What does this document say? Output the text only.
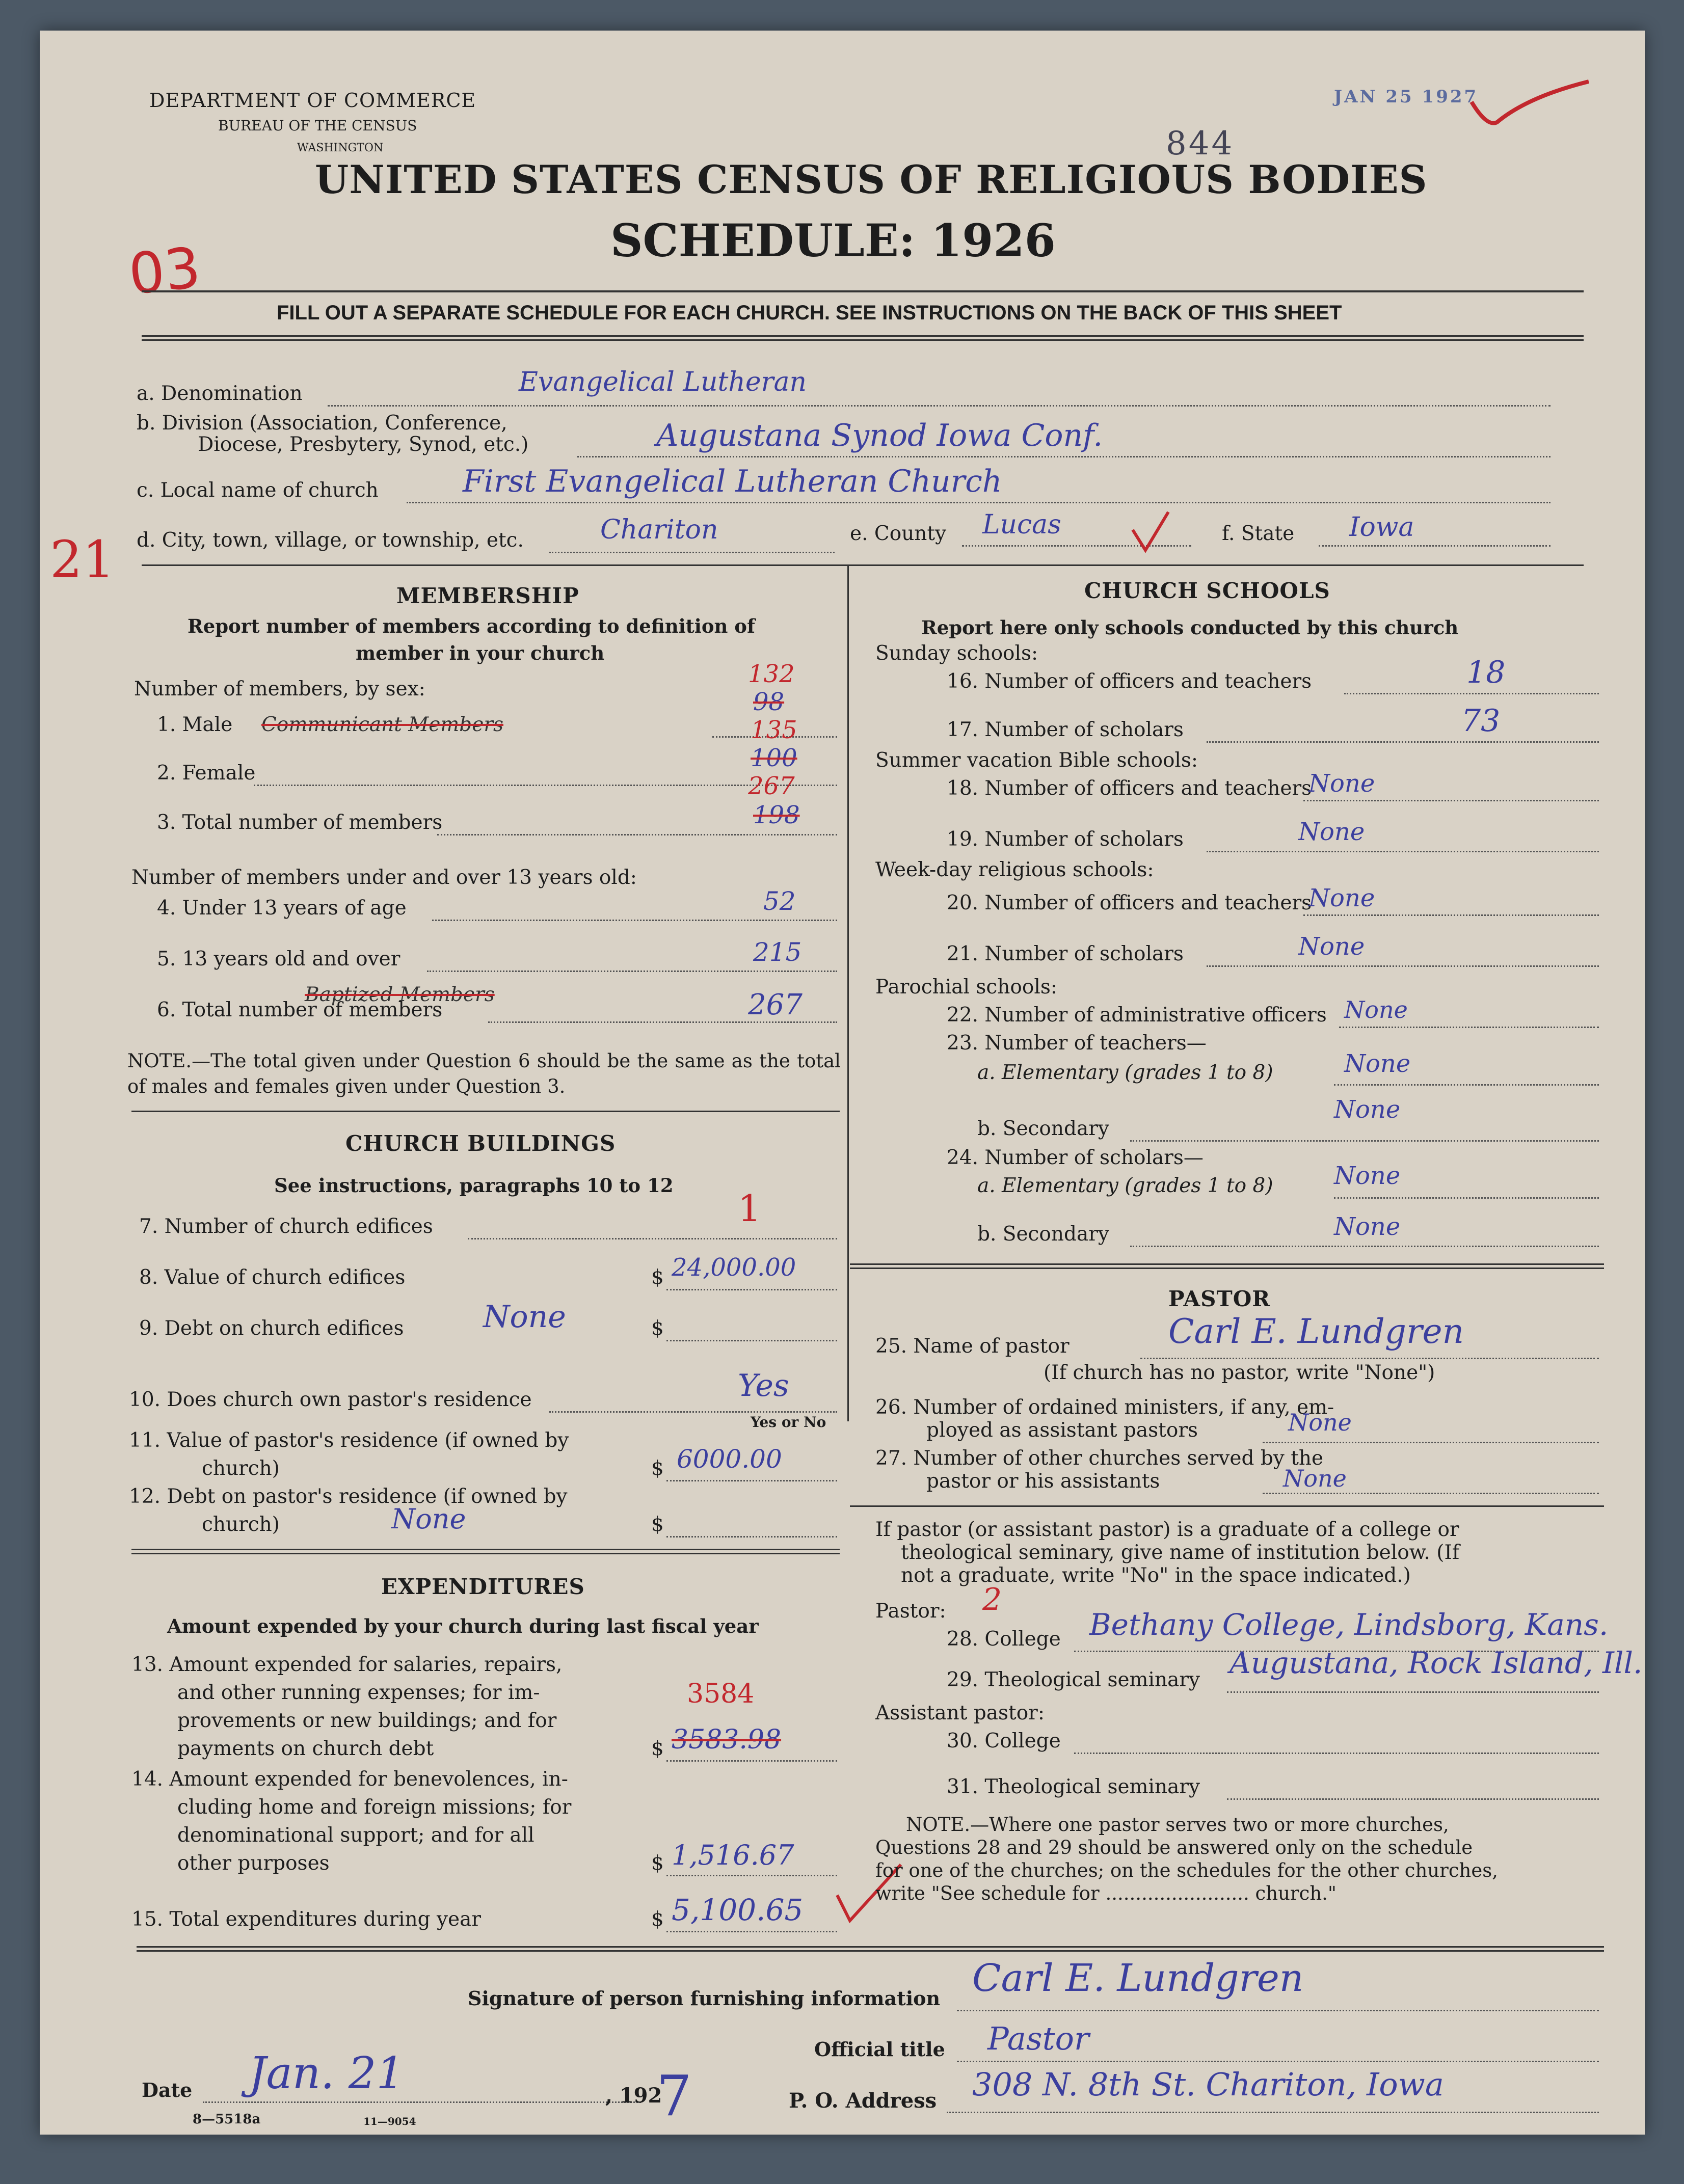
DEPARTMENT OF COMMERCE
BUREAU OF THE CENSUS
WASHINGTON
JAN 25 1927
844
UNITED STATES CENSUS OF RELIGIOUS BODIES
SCHEDULE: 1926
03
FILL OUT A SEPARATE SCHEDULE FOR EACH CHURCH. SEE INSTRUCTIONS ON THE BACK OF THIS SHEET
a. Denomination	Evangelical Lutheran
b. Division (Association, Conference,
Diocese, Presbytery, Synod, etc.)	Augustana Synod Iowa Conf.
c. Local name of church	First Evangelical Lutheran Church
21 d. City, town, village, or township, etc.	Chariton	e. County Lucas	f. State Iowa
MEMBERSHIP
Report number of members according to definition of
member in your church
Number of members, by sex:
1. Male Communicant Members
132
98
2. Female
135
100
3. Total number of members
267
198
Number of members under and over 13 years old:
4. Under 13 years of age	52
5. 13 years old and over	215
6. Total number of members
Baptized Members	267
NOTE.—The total given under Question 6 should be the same as the total of males and females given under Question 3.
CHURCH BUILDINGS
See instructions, paragraphs 10 to 12
7. Number of church edifices	1
8. Value of church edifices	$ 24,000.00
9. Debt on church edifices	$
None
10. Does church own pastor's residence	Yes
Yes or No
11. Value of pastor's residence (if owned by
church)	$ 6000.00
12. Debt on pastor's residence (if owned by
church)	$
None
EXPENDITURES
Amount expended by your church during last fiscal year
13. Amount expended for salaries, repairs,
and other running expenses; for im-
provements or new buildings; and for
payments on church debt	$
3584
3583.98
14. Amount expended for benevolences, in-
cluding home and foreign missions; for
denominational support; and for all
other purposes	$ 1,516.67
15. Total expenditures during year	$ 5,100.65
CHURCH SCHOOLS
Report here only schools conducted by this church
Sunday schools:
16. Number of officers and teachers	18
17. Number of scholars	73
Summer vacation Bible schools:
18. Number of officers and teachers
None
19. Number of scholars	None
Week-day religious schools:
20. Number of officers and teachers
None
21. Number of scholars	None
Parochial schools:
22. Number of administrative officers None
23. Number of teachers—
a. Elementary (grades 1 to 8)	None
b. Secondary
None
24. Number of scholars—
a. Elementary (grades 1 to 8) None
b. Secondary	None
PASTOR
25. Name of pastor	Carl E. Lundgren
(If church has no pastor, write "None")
26. Number of ordained ministers, if any, em-
ployed as assistant pastors	None
27. Number of other churches served by the
pastor or his assistants	None
If pastor (or assistant pastor) is a graduate of a college or
theological seminary, give name of institution below. (If
not a graduate, write "No" in the space indicated.)
Pastor: 2
28. College Bethany College, Lindsborg, Kans.
29. Theological seminary Augustana, Rock Island, Ill.
Assistant pastor:
30. College
31. Theological seminary
NOTE.—Where one pastor serves two or more churches,
Questions 28 and 29 should be answered only on the schedule
for one of the churches; on the schedules for the other churches,
write "See schedule for ........................ church."
Signature of person furnishing information Carl E. Lundgren
Official title Pastor
Date Jan. 21	, 192
7
8—5518a	11—9054
P. O. Address 308 N. 8th St. Chariton, Iowa
